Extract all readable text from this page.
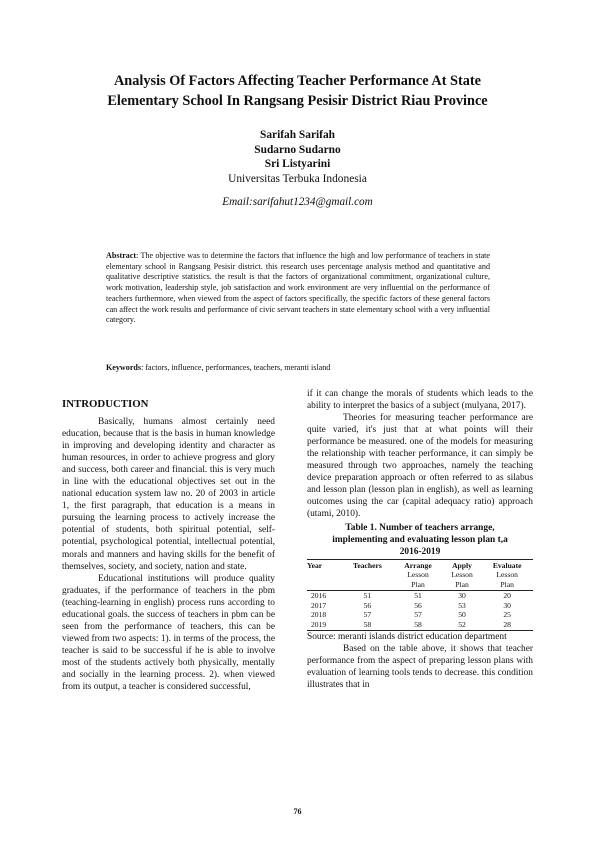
Analysis Of Factors Affecting Teacher Performance At State
Elementary School In Rangsang Pesisir District Riau Province
Sarifah Sarifah
Sudarno Sudarno
Sri Listyarini
Universitas Terbuka Indonesia
Email:sarifahut1234@gmail.com
Abstract: The objective was to determine the factors that influence the high and low performance of teachers in state elementary school in Rangsang Pesisir district. this research uses percentage analysis method and quantitative and qualitative descriptive statistics. the result is that the factors of organizational commitment, organizational culture, work motivation, leadership style, job satisfaction and work environment are very influential on the performance of teachers furthermore, when viewed from the aspect of factors specifically, the specific factors of these general factors can affect the work results and performance of civic servant teachers in state elementary school with a very influential category.
Keywords: factors, influence, performances, teachers, meranti island
INTRODUCTION

Basically, humans almost certainly need education, because that is the basis in human knowledge in improving and developing identity and character as human resources, in order to achieve progress and glory and success, both career and financial. this is very much in line with the educational objectives set out in the national education system law no. 20 of 2003 in article 1, the first paragraph, that education is a means in pursuing the learning process to actively increase the potential of students, both spiritual potential, self-potential, psychological potential, intellectual potential, morals and manners and having skills for the benefit of themselves, society, and society, nation and state.

Educational institutions will produce quality graduates, if the performance of teachers in the pbm (teaching-learning in english) process runs according to educational goals. the success of teachers in pbm can be seen from the performance of teachers, this can be viewed from two aspects: 1). in terms of the process, the teacher is said to be successful if he is able to involve most of the students actively both physically, mentally and socially in the learning process. 2). when viewed from its output, a teacher is considered successful,

if it can change the morals of students which leads to the ability to interpret the basics of a subject (mulyana, 2017).

Theories for measuring teacher performance are quite varied, it's just that at what points will their performance be measured. one of the models for measuring the relationship with teacher performance, it can simply be measured through two approaches, namely the teaching device preparation approach or often referred to as silabus and lesson plan (lesson plan in english), as well as learning outcomes using the car (capital adequacy ratio) approach (utami, 2010).

Table 1. Number of teachers arrange,
implementing and evaluating lesson plan t,a
2016-2019
Year	Teachers	Arrange	Apply	Evaluate
		Lesson	Lesson	Lesson
		Plan	Plan	Plan
2016	51	51	30	20
2017	56	56	53	30
2018	57	57	50	25
2019	58	58	52	28

Source: meranti islands district education department

Based on the table above, it shows that teacher performance from the aspect of preparing lesson plans with evaluation of learning tools tends to decrease. this condition illustrates that in

76
